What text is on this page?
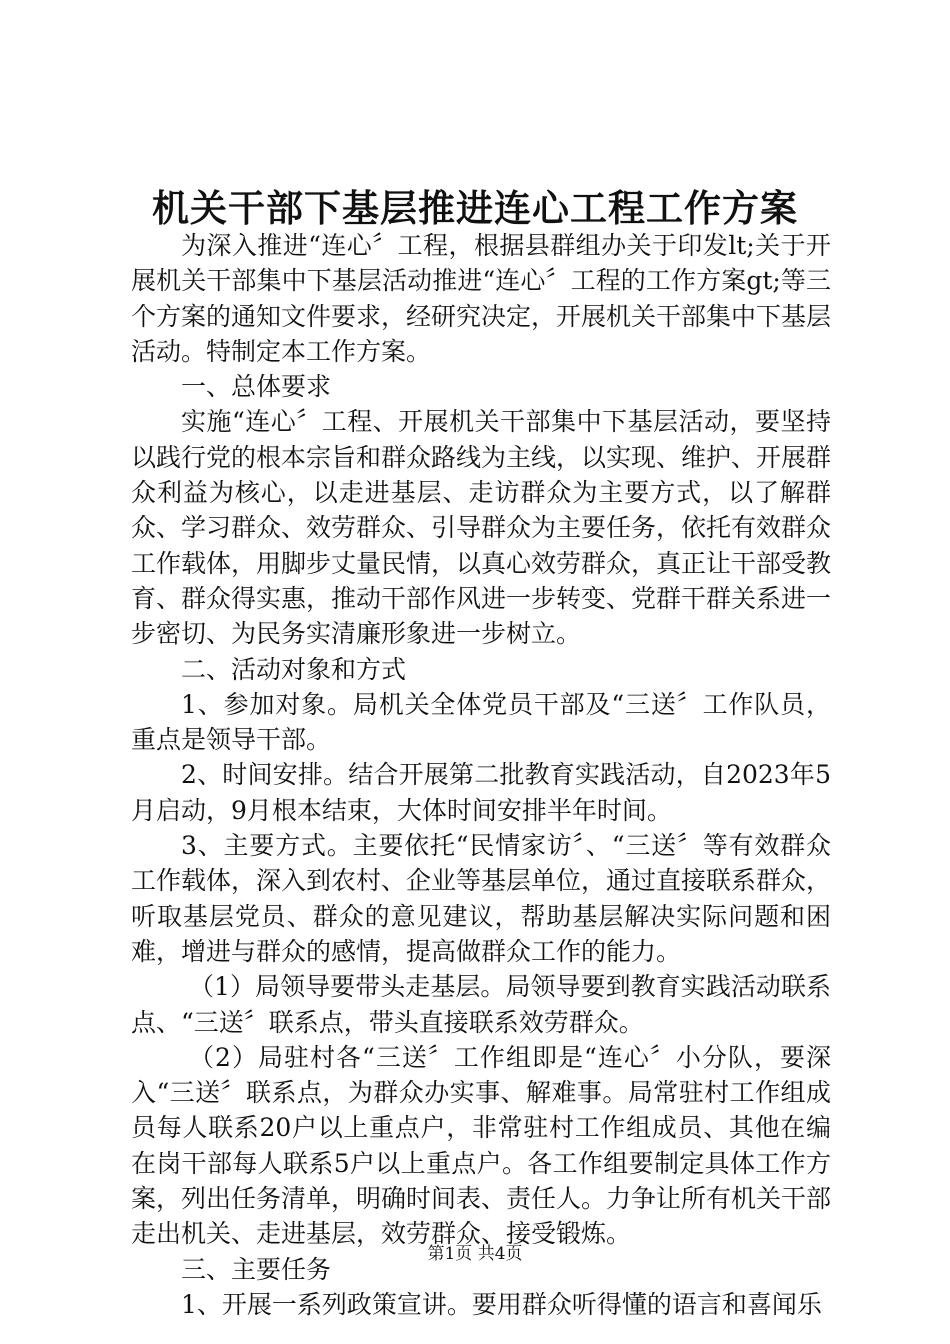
机关干部下基层推进连心工程工作方案

为深入推进“连心〞工程，根据县群组办关于印发lt;关于开展机关干部集中下基层活动推进“连心〞工程的工作方案gt;等三个方案的通知文件要求，经研究决定，开展机关干部集中下基层活动。特制定本工作方案。

一、总体要求

实施“连心〞工程、开展机关干部集中下基层活动，要坚持以践行党的根本宗旨和群众路线为主线，以实现、维护、开展群众利益为核心，以走进基层、走访群众为主要方式，以了解群众、学习群众、效劳群众、引导群众为主要任务，依托有效群众工作载体，用脚步丈量民情，以真心效劳群众，真正让干部受教育、群众得实惠，推动干部作风进一步转变、党群干群关系进一步密切、为民务实清廉形象进一步树立。

二、活动对象和方式

1、参加对象。局机关全体党员干部及“三送〞工作队员，重点是领导干部。

2、时间安排。结合开展第二批教育实践活动，自2023年5月启动，9月根本结束，大体时间安排半年时间。

3、主要方式。主要依托“民情家访〞、“三送〞等有效群众工作载体，深入到农村、企业等基层单位，通过直接联系群众，听取基层党员、群众的意见建议，帮助基层解决实际问题和困难，增进与群众的感情，提高做群众工作的能力。

（1）局领导要带头走基层。局领导要到教育实践活动联系点、“三送〞联系点，带头直接联系效劳群众。

（2）局驻村各“三送〞工作组即是“连心〞小分队，要深入“三送〞联系点，为群众办实事、解难事。局常驻村工作组成员每人联系20户以上重点户，非常驻村工作组成员、其他在编在岗干部每人联系5户以上重点户。各工作组要制定具体工作方案，列出任务清单，明确时间表、责任人。力争让所有机关干部走出机关、走进基层，效劳群众、接受锻炼。

三、主要任务

1、开展一系列政策宣讲。要用群众听得懂的语言和喜闻乐

第1页 共4页
